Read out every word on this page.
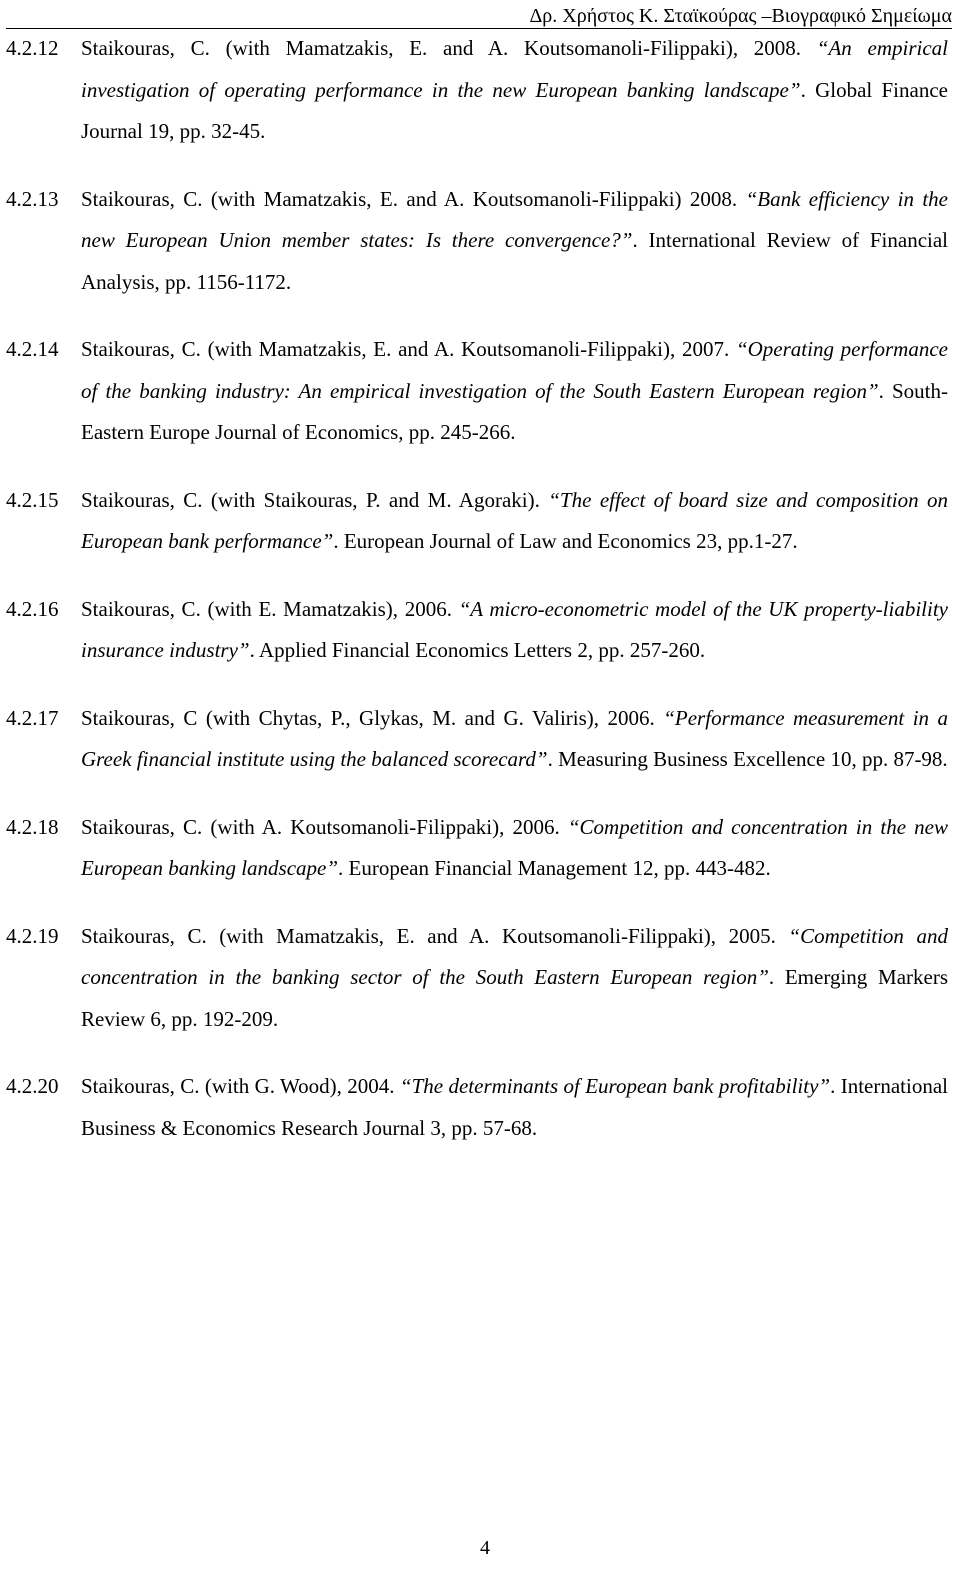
Δρ. Χρήστος Κ. Σταϊκούρας –Βιογραφικό Σημείωμα
4.2.12 Staikouras, C. (with Mamatzakis, E. and A. Koutsomanoli-Filippaki), 2008. “An empirical investigation of operating performance in the new European banking landscape”. Global Finance Journal 19, pp. 32-45.
4.2.13 Staikouras, C. (with Mamatzakis, E. and A. Koutsomanoli-Filippaki) 2008. “Bank efficiency in the new European Union member states: Is there convergence?”. International Review of Financial Analysis, pp. 1156-1172.
4.2.14 Staikouras, C. (with Mamatzakis, E. and A. Koutsomanoli-Filippaki), 2007. “Operating performance of the banking industry: An empirical investigation of the South Eastern European region”. South-Eastern Europe Journal of Economics, pp. 245-266.
4.2.15 Staikouras, C. (with Staikouras, P. and M. Agoraki). “The effect of board size and composition on European bank performance”. European Journal of Law and Economics 23, pp.1-27.
4.2.16 Staikouras, C. (with E. Mamatzakis), 2006. “A micro-econometric model of the UK property-liability insurance industry”. Applied Financial Economics Letters 2, pp. 257-260.
4.2.17 Staikouras, C (with Chytas, P., Glykas, M. and G. Valiris), 2006. “Performance measurement in a Greek financial institute using the balanced scorecard”. Measuring Business Excellence 10, pp. 87-98.
4.2.18 Staikouras, C. (with A. Koutsomanoli-Filippaki), 2006. “Competition and concentration in the new European banking landscape”. European Financial Management 12, pp. 443-482.
4.2.19 Staikouras, C. (with Mamatzakis, E. and A. Koutsomanoli-Filippaki), 2005. “Competition and concentration in the banking sector of the South Eastern European region”. Emerging Markers Review 6, pp. 192-209.
4.2.20 Staikouras, C. (with G. Wood), 2004. “The determinants of European bank profitability”. International Business & Economics Research Journal 3, pp. 57-68.
4
